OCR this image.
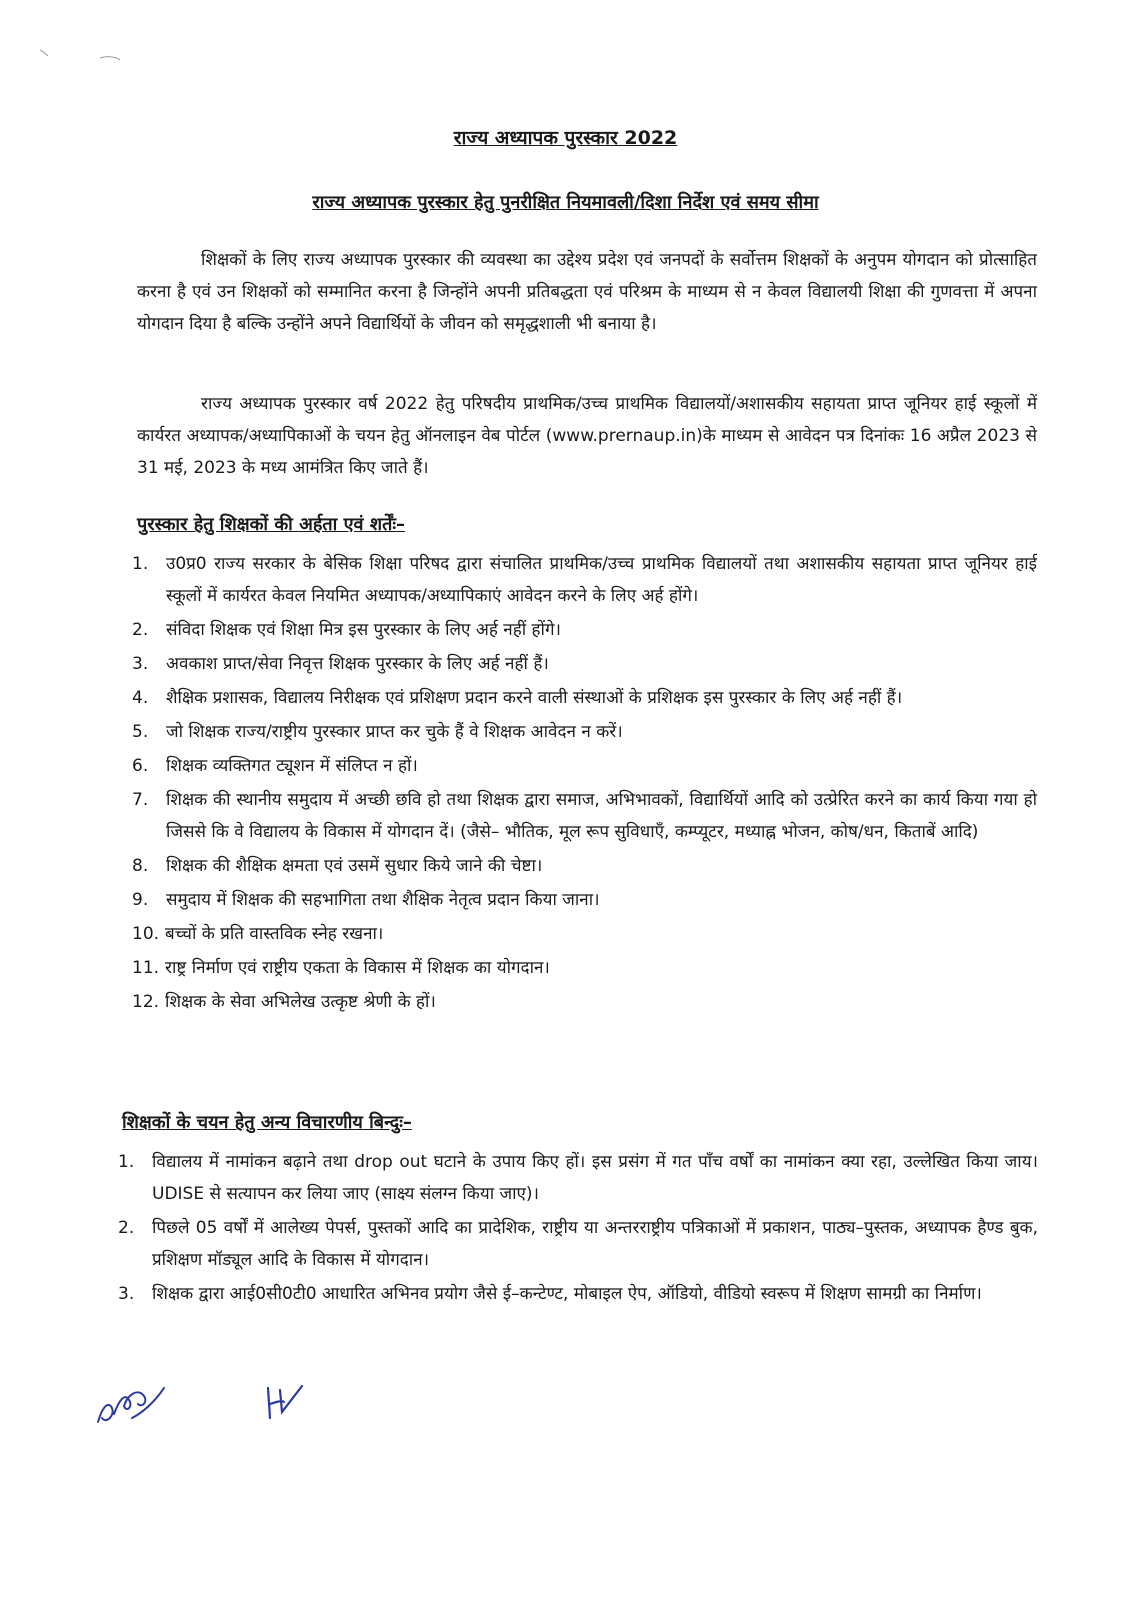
राज्य अध्यापक पुरस्कार 2022
राज्य अध्यापक पुरस्कार हेतु पुनरीक्षित नियमावली/दिशा निर्देश एवं समय सीमा

शिक्षकों के लिए राज्य अध्यापक पुरस्कार की व्यवस्था का उद्देश्य प्रदेश एवं जनपदों के सर्वोत्तम शिक्षकों के अनुपम योगदान को प्रोत्साहित करना है एवं उन शिक्षकों को सम्मानित करना है जिन्होंने अपनी प्रतिबद्धता एवं परिश्रम के माध्यम से न केवल विद्यालयी शिक्षा की गुणवत्ता में अपना योगदान दिया है बल्कि उन्होंने अपने विद्यार्थियों के जीवन को समृद्धशाली भी बनाया है।

राज्य अध्यापक पुरस्कार वर्ष 2022 हेतु परिषदीय प्राथमिक/उच्च प्राथमिक विद्यालयों/अशासकीय सहायता प्राप्त जूनियर हाई स्कूलों में कार्यरत अध्यापक/अध्यापिकाओं के चयन हेतु ऑनलाइन वेब पोर्टल (www.prernaup.in)के माध्यम से आवेदन पत्र दिनांकः 16 अप्रैल 2023 से 31 मई, 2023 के मध्य आमंत्रित किए जाते हैं।

पुरस्कार हेतु शिक्षकों की अर्हता एवं शर्तेंः–
1. उ0प्र0 राज्य सरकार के बेसिक शिक्षा परिषद द्वारा संचालित प्राथमिक/उच्च प्राथमिक विद्यालयों तथा अशासकीय सहायता प्राप्त जूनियर हाई स्कूलों में कार्यरत केवल नियमित अध्यापक/अध्यापिकाएं आवेदन करने के लिए अर्ह होंगे।
2. संविदा शिक्षक एवं शिक्षा मित्र इस पुरस्कार के लिए अर्ह नहीं होंगे।
3. अवकाश प्राप्त/सेवा निवृत्त शिक्षक पुरस्कार के लिए अर्ह नहीं हैं।
4. शैक्षिक प्रशासक, विद्यालय निरीक्षक एवं प्रशिक्षण प्रदान करने वाली संस्थाओं के प्रशिक्षक इस पुरस्कार के लिए अर्ह नहीं हैं।
5. जो शिक्षक राज्य/राष्ट्रीय पुरस्कार प्राप्त कर चुके हैं वे शिक्षक आवेदन न करें।
6. शिक्षक व्यक्तिगत ट्यूशन में संलिप्त न हों।
7. शिक्षक की स्थानीय समुदाय में अच्छी छवि हो तथा शिक्षक द्वारा समाज, अभिभावकों, विद्यार्थियों आदि को उत्प्रेरित करने का कार्य किया गया हो जिससे कि वे विद्यालय के विकास में योगदान दें। (जैसे– भौतिक, मूल रूप सुविधाएँ, कम्प्यूटर, मध्याह्न भोजन, कोष/धन, किताबें आदि)
8. शिक्षक की शैक्षिक क्षमता एवं उसमें सुधार किये जाने की चेष्टा।
9. समुदाय में शिक्षक की सहभागिता तथा शैक्षिक नेतृत्व प्रदान किया जाना।
10. बच्चों के प्रति वास्तविक स्नेह रखना।
11. राष्ट्र निर्माण एवं राष्ट्रीय एकता के विकास में शिक्षक का योगदान।
12. शिक्षक के सेवा अभिलेख उत्कृष्ट श्रेणी के हों।
शिक्षकों के चयन हेतु अन्य विचारणीय बिन्दुः–
1. विद्यालय में नामांकन बढ़ाने तथा drop out घटाने के उपाय किए हों। इस प्रसंग में गत पाँच वर्षों का नामांकन क्या रहा, उल्लेखित किया जाय। UDISE से सत्यापन कर लिया जाए (साक्ष्य संलग्न किया जाए)।
2. पिछले 05 वर्षों में आलेख्य पेपर्स, पुस्तकों आदि का प्रादेशिक, राष्ट्रीय या अन्तरराष्ट्रीय पत्रिकाओं में प्रकाशन, पाठ्य–पुस्तक, अध्यापक हैण्ड बुक, प्रशिक्षण मॉड्यूल आदि के विकास में योगदान।
3. शिक्षक द्वारा आई0सी0टी0 आधारित अभिनव प्रयोग जैसे ई–कन्टेण्ट, मोबाइल ऐप, ऑडियो, वीडियो स्वरूप में शिक्षण सामग्री का निर्माण।
